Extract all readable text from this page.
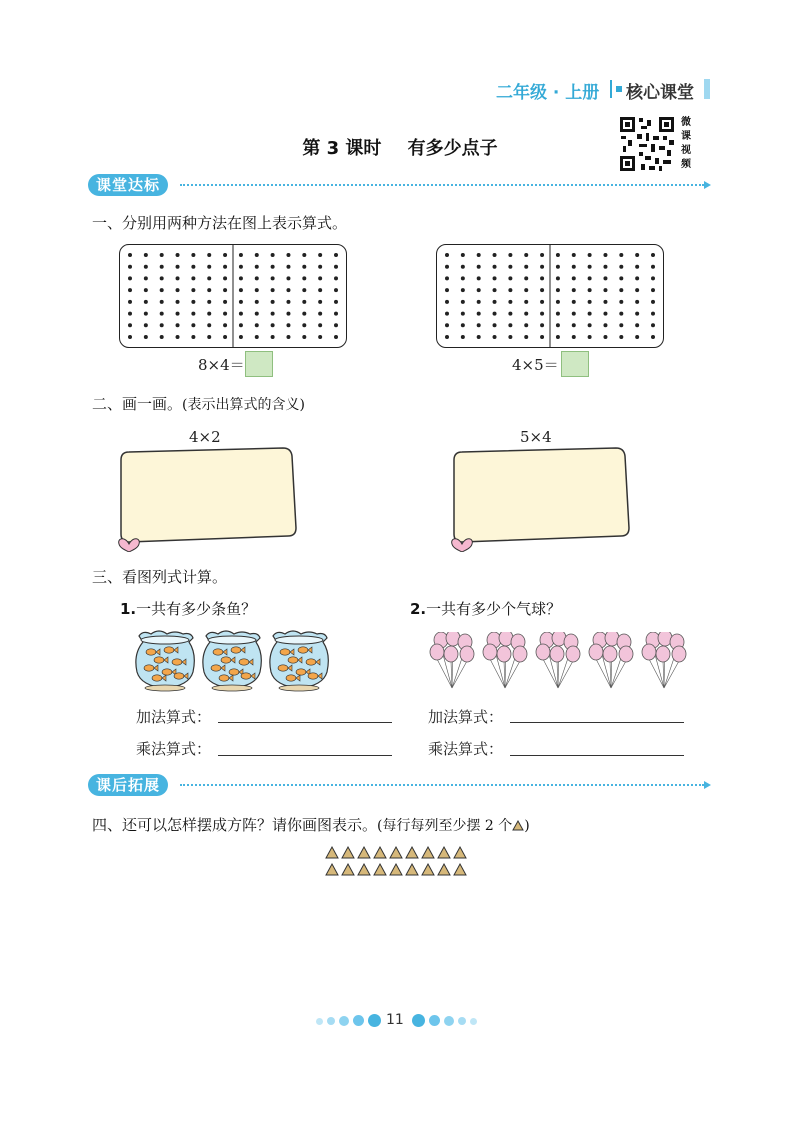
二年级 · 上册 核心课堂
第 3 课时 有多少点子
微课视频
课堂达标
一、分别用两种方法在图上表示算式。
8×4＝	4×5＝
二、画一画。(表示出算式的含义)
4×2	5×4
三、看图列式计算。
1.一共有多少条鱼？	2.一共有多少个气球？
加法算式：
乘法算式：
加法算式：
乘法算式：
课后拓展
四、还可以怎样摆成方阵？请你画图表示。(每行每列至少摆 2 个 )
11
